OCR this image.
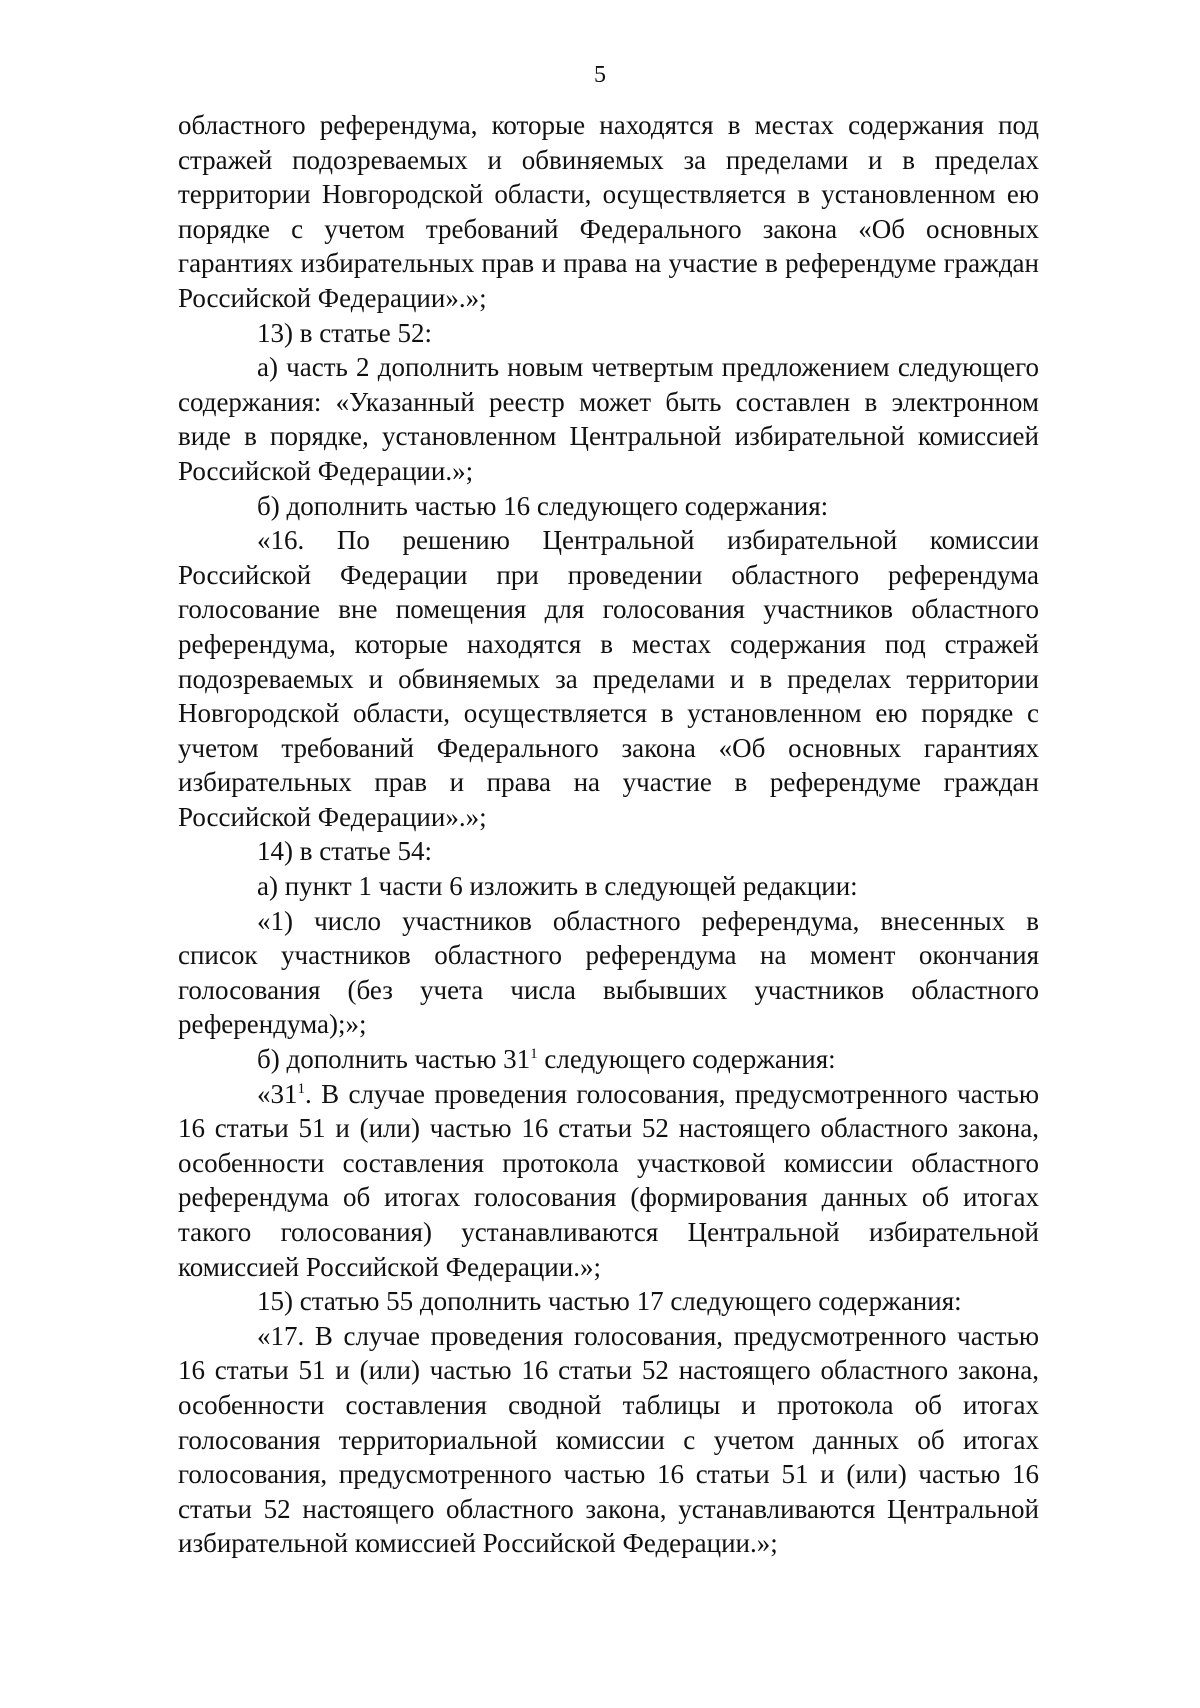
5

областного референдума, которые находятся в местах содержания под стражей подозреваемых и обвиняемых за пределами и в пределах территории Новгородской области, осуществляется в установленном ею порядке с учетом требований Федерального закона «Об основных гарантиях избирательных прав и права на участие в референдуме граждан Российской Федерации».»;

13) в статье 52:

а) часть 2 дополнить новым четвертым предложением следующего содержания: «Указанный реестр может быть составлен в электронном виде в порядке, установленном Центральной избирательной комиссией Российской Федерации.»;

б) дополнить частью 16 следующего содержания:

«16. По решению Центральной избирательной комиссии Российской Федерации при проведении областного референдума голосование вне помещения для голосования участников областного референдума, которые находятся в местах содержания под стражей подозреваемых и обвиняемых за пределами и в пределах территории Новгородской области, осуществляется в установленном ею порядке с учетом требований Федерального закона «Об основных гарантиях избирательных прав и права на участие в референдуме граждан Российской Федерации».»;

14) в статье 54:

а) пункт 1 части 6 изложить в следующей редакции:

«1) число участников областного референдума, внесенных в список участников областного референдума на момент окончания голосования (без учета числа выбывших участников областного референдума);»;

б) дополнить частью $31^1$ следующего содержания:

«$31^1$. В случае проведения голосования, предусмотренного частью 16 статьи 51 и (или) частью 16 статьи 52 настоящего областного закона, особенности составления протокола участковой комиссии областного референдума об итогах голосования (формирования данных об итогах такого голосования) устанавливаются Центральной избирательной комиссией Российской Федерации.»;

15) статью 55 дополнить частью 17 следующего содержания:

«17. В случае проведения голосования, предусмотренного частью 16 статьи 51 и (или) частью 16 статьи 52 настоящего областного закона, особенности составления сводной таблицы и протокола об итогах голосования территориальной комиссии с учетом данных об итогах голосования, предусмотренного частью 16 статьи 51 и (или) частью 16 статьи 52 настоящего областного закона, устанавливаются Центральной избирательной комиссией Российской Федерации.»;
